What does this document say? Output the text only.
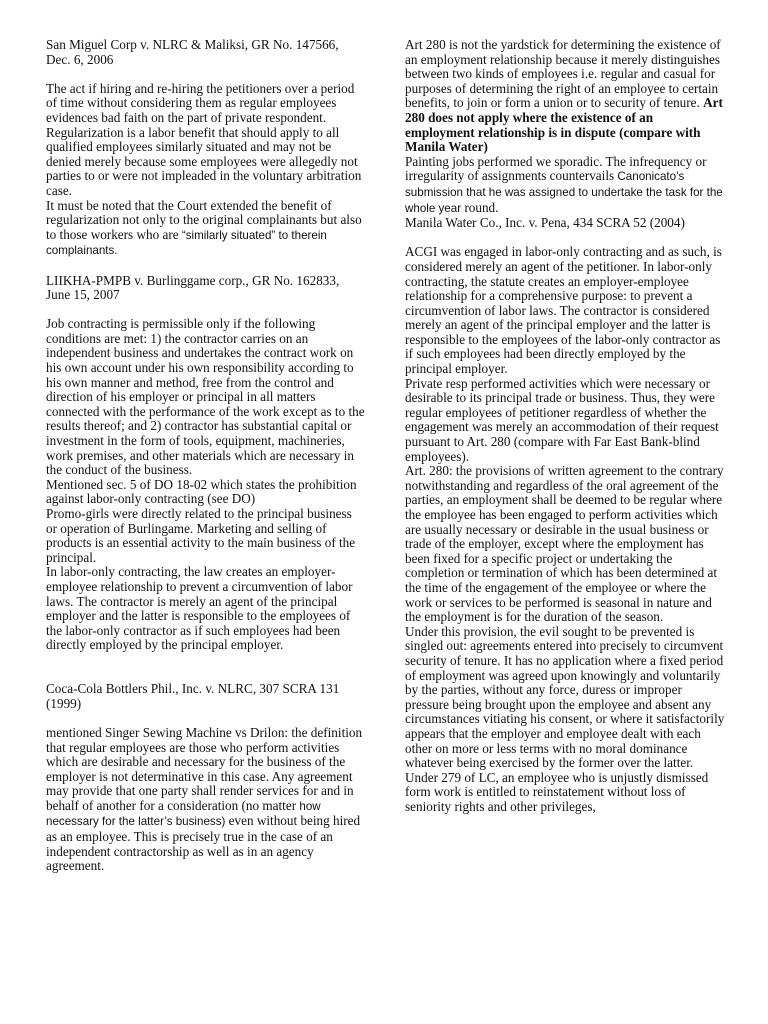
San Miguel Corp v. NLRC & Maliksi, GR No. 147566, Dec. 6, 2006

The act if hiring and re-hiring the petitioners over a period of time without considering them as regular employees evidences bad faith on the part of private respondent.

Regularization is a labor benefit that should apply to all qualified employees similarly situated and may not be denied merely because some employees were allegedly not parties to or were not impleaded in the voluntary arbitration case.

It must be noted that the Court extended the benefit of regularization not only to the original complainants but also to those workers who are “similarly situated” to therein complainants.

LIIKHA-PMPB v. Burlinggame corp., GR No. 162833, June 15, 2007

Job contracting is permissible only if the following conditions are met: 1) the contractor carries on an independent business and undertakes the contract work on his own account under his own responsibility according to his own manner and method, free from the control and direction of his employer or principal in all matters connected with the performance of the work except as to the results thereof; and 2) contractor has substantial capital or investment in the form of tools, equipment, machineries, work premises, and other materials which are necessary in the conduct of the business.

Mentioned sec. 5 of DO 18-02 which states the prohibition against labor-only contracting (see DO)

Promo-girls were directly related to the principal business or operation of Burlingame. Marketing and selling of products is an essential activity to the main business of the principal.

In labor-only contracting, the law creates an employer-employee relationship to prevent a circumvention of labor laws. The contractor is merely an agent of the principal employer and the latter is responsible to the employees of the labor-only contractor as if such employees had been directly employed by the principal employer.

Coca-Cola Bottlers Phil., Inc. v. NLRC, 307 SCRA 131 (1999)

mentioned Singer Sewing Machine vs Drilon: the definition that regular employees are those who perform activities which are desirable and necessary for the business of the employer is not determinative in this case. Any agreement may provide that one party shall render services for and in behalf of another for a consideration (no matter how necessary for the latter’s business) even without being hired as an employee. This is precisely true in the case of an independent contractorship as well as in an agency agreement.

Art 280 is not the yardstick for determining the existence of an employment relationship because it merely distinguishes between two kinds of employees i.e. regular and casual for purposes of determining the right of an employee to certain benefits, to join or form a union or to security of tenure. Art 280 does not apply where the existence of an employment relationship is in dispute (compare with Manila Water)

Painting jobs performed we sporadic. The infrequency or irregularity of assignments countervails Canonicato’s submission that he was assigned to undertake the task for the whole year round.

Manila Water Co., Inc. v. Pena, 434 SCRA 52 (2004)

ACGI was engaged in labor-only contracting and as such, is considered merely an agent of the petitioner. In labor-only contracting, the statute creates an employer-employee relationship for a comprehensive purpose: to prevent a circumvention of labor laws. The contractor is considered merely an agent of the principal employer and the latter is responsible to the employees of the labor-only contractor as if such employees had been directly employed by the principal employer.

Private resp performed activities which were necessary or desirable to its principal trade or business. Thus, they were regular employees of petitioner regardless of whether the engagement was merely an accommodation of their request pursuant to Art. 280 (compare with Far East Bank-blind employees).

Art. 280: the provisions of written agreement to the contrary notwithstanding and regardless of the oral agreement of the parties, an employment shall be deemed to be regular where the employee has been engaged to perform activities which are usually necessary or desirable in the usual business or trade of the employer, except where the employment has been fixed for a specific project or undertaking the completion or termination of which has been determined at the time of the engagement of the employee or where the work or services to be performed is seasonal in nature and the employment is for the duration of the season.

Under this provision, the evil sought to be prevented is singled out: agreements entered into precisely to circumvent security of tenure. It has no application where a fixed period of employment was agreed upon knowingly and voluntarily by the parties, without any force, duress or improper pressure being brought upon the employee and absent any circumstances vitiating his consent, or where it satisfactorily appears that the employer and employee dealt with each other on more or less terms with no moral dominance whatever being exercised by the former over the latter.

Under 279 of LC, an employee who is unjustly dismissed form work is entitled to reinstatement without loss of seniority rights and other privileges,
